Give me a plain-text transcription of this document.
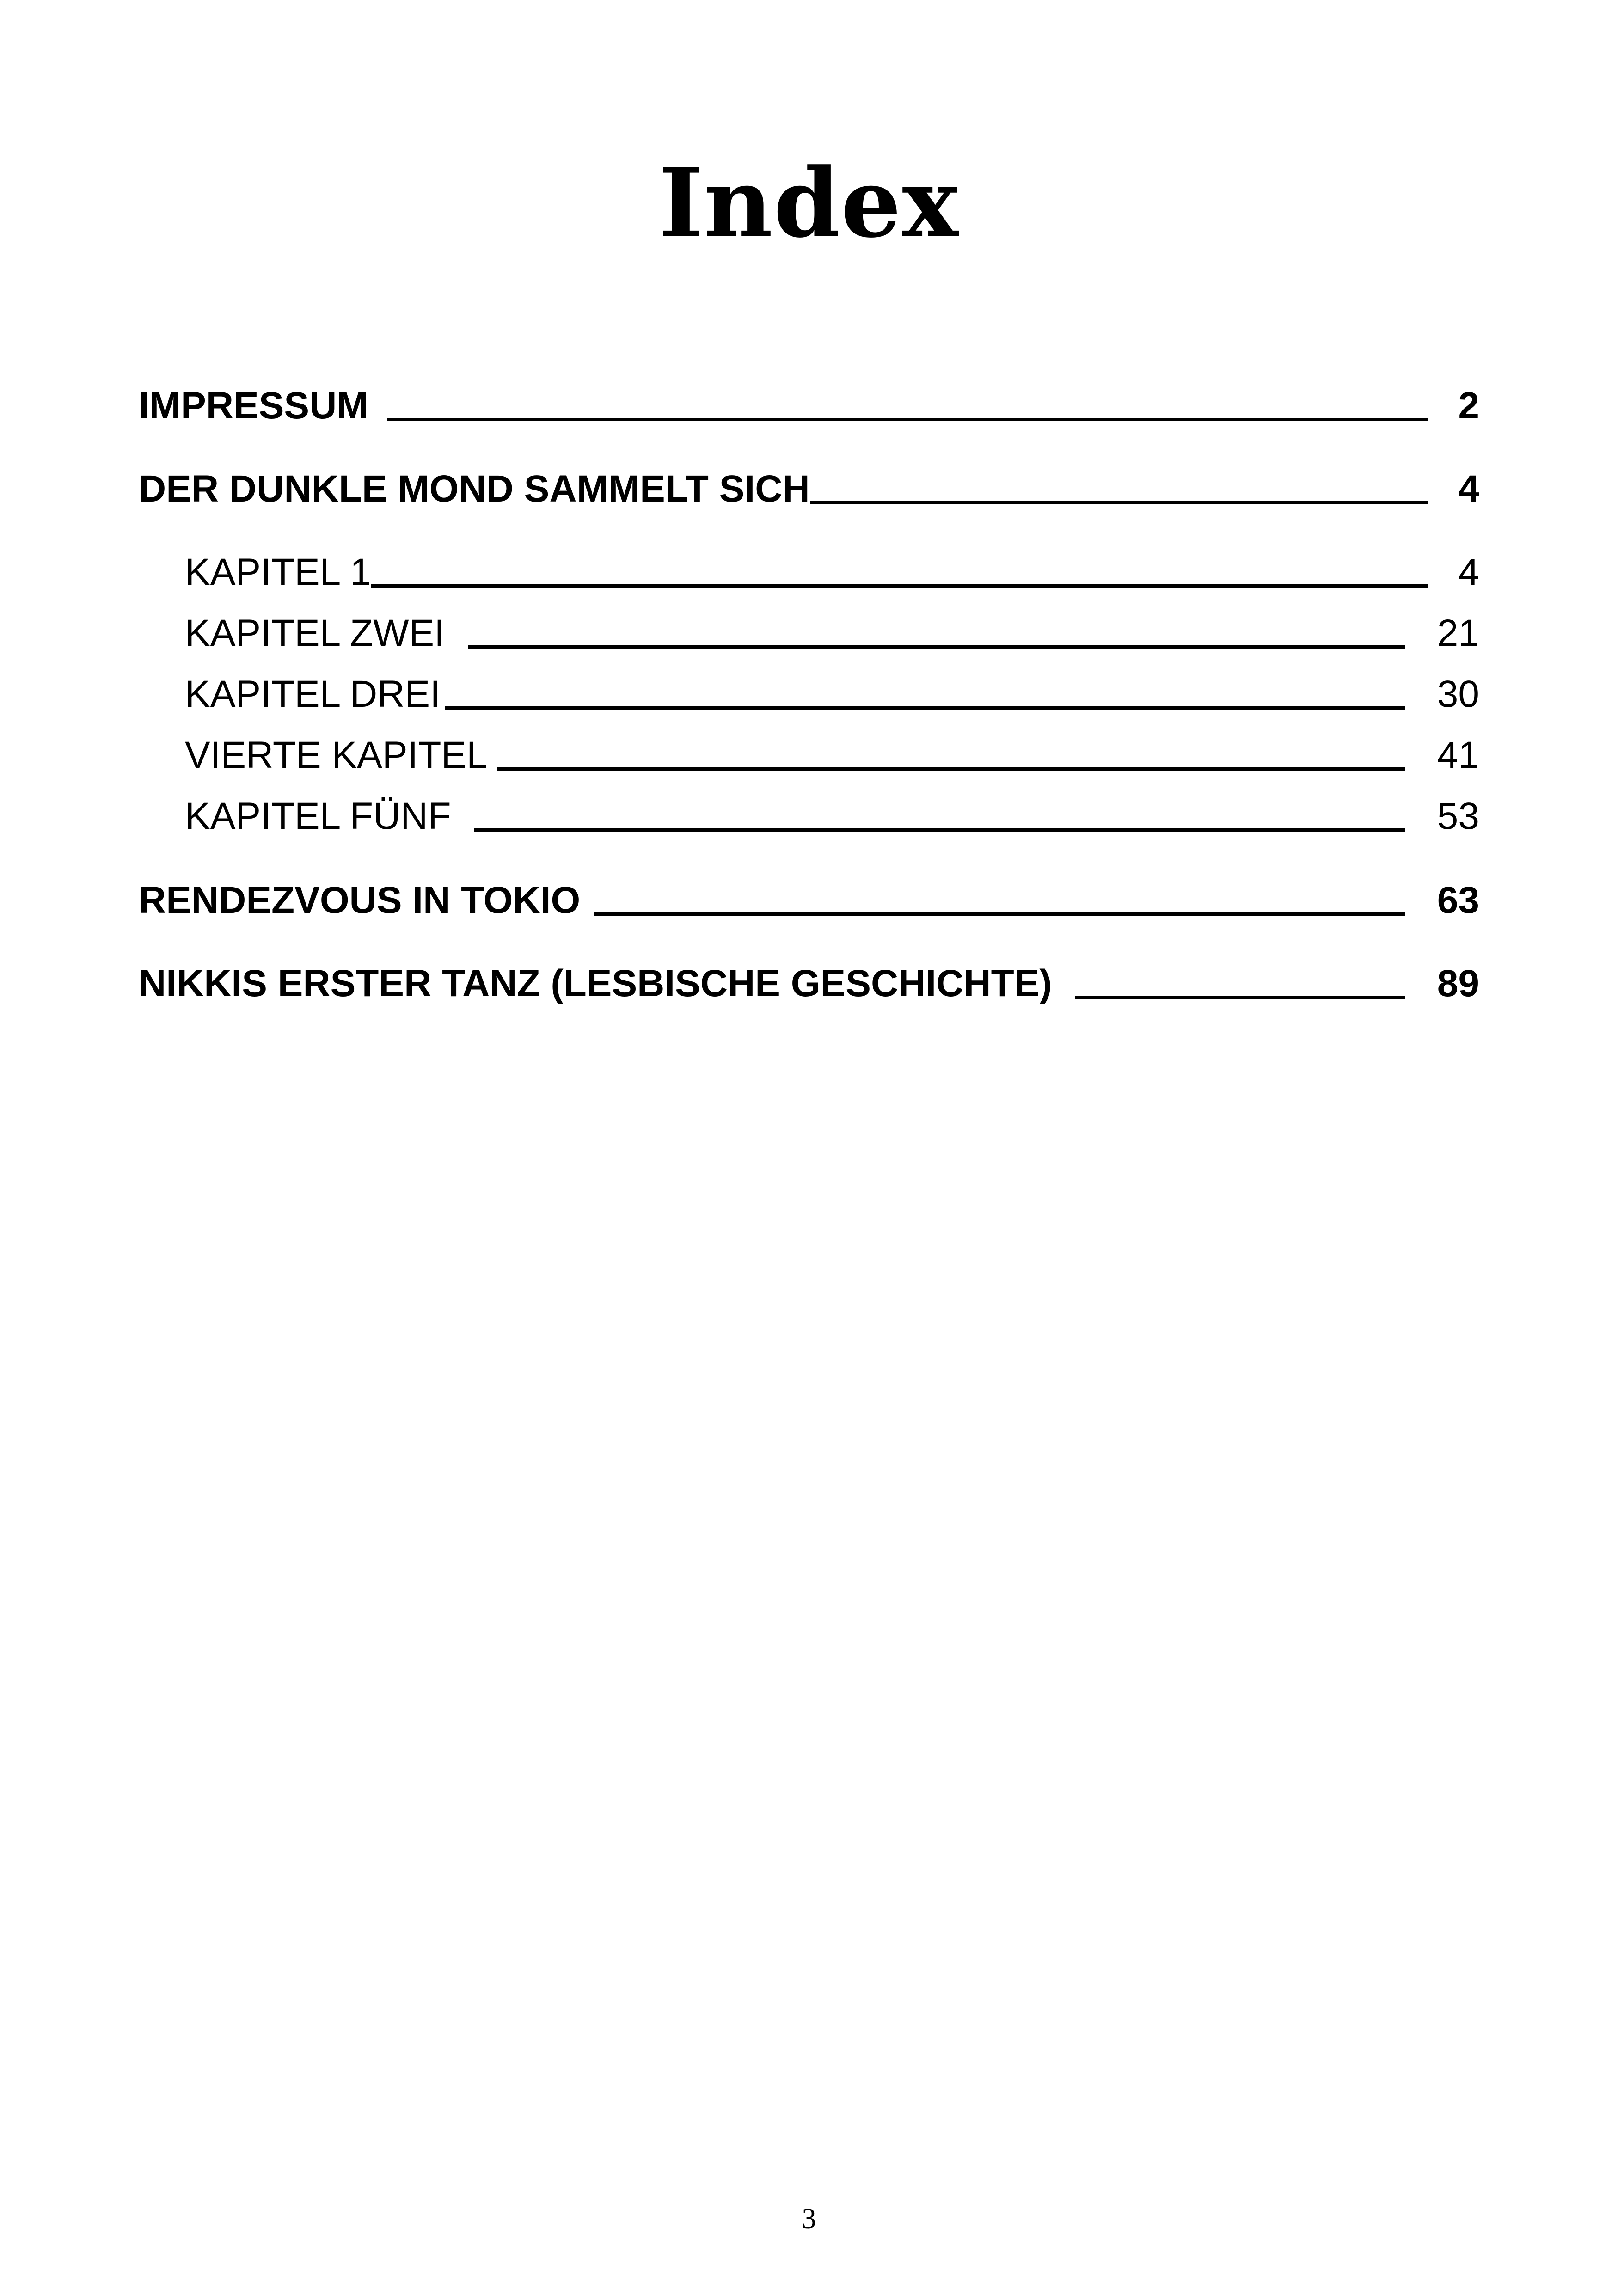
Index
IMPRESSUM	2
DER DUNKLE MOND SAMMELT SICH	4
KAPITEL 1	4
KAPITEL ZWEI	21
KAPITEL DREI	30
VIERTE KAPITEL	41
KAPITEL FÜNF	53
RENDEZVOUS IN TOKIO	63
NIKKIS ERSTER TANZ (LESBISCHE GESCHICHTE)	89
3
